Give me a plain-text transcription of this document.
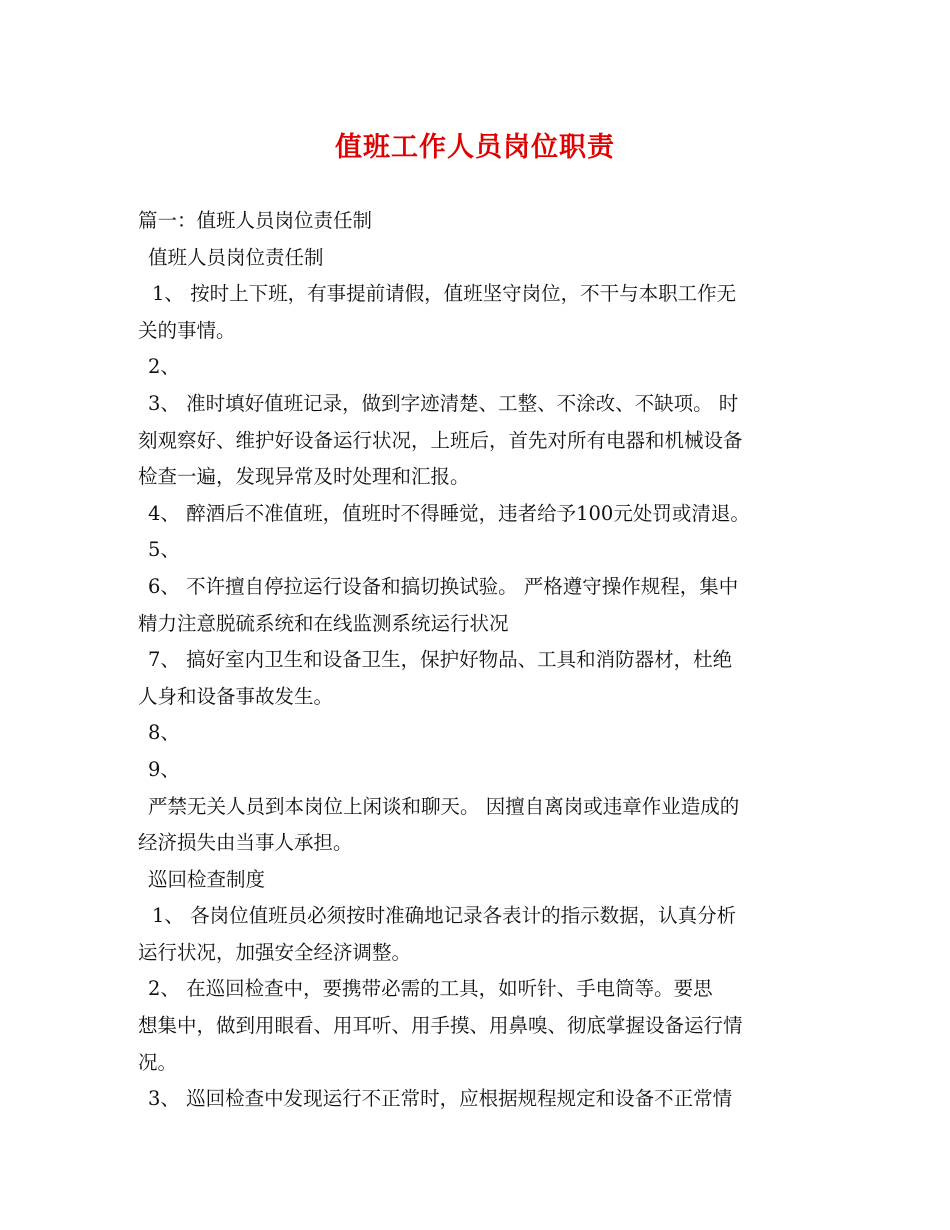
值班工作人员岗位职责
篇一：值班人员岗位责任制
值班人员岗位责任制
1、 按时上下班，有事提前请假，值班坚守岗位，不干与本职工作无
关的事情。
2、
3、 准时填好值班记录，做到字迹清楚、工整、不涂改、不缺项。 时
刻观察好、维护好设备运行状况，上班后，首先对所有电器和机械设备
检查一遍，发现异常及时处理和汇报。
4、 醉酒后不准值班，值班时不得睡觉，违者给予100元处罚或清退。
5、
6、 不许擅自停拉运行设备和搞切换试验。 严格遵守操作规程，集中
精力注意脱硫系统和在线监测系统运行状况
7、 搞好室内卫生和设备卫生，保护好物品、工具和消防器材，杜绝
人身和设备事故发生。
8、
9、
严禁无关人员到本岗位上闲谈和聊天。 因擅自离岗或违章作业造成的
经济损失由当事人承担。
巡回检查制度
1、 各岗位值班员必须按时准确地记录各表计的指示数据，认真分析
运行状况，加强安全经济调整。
2、 在巡回检查中，要携带必需的工具，如听针、手电筒等。要思
想集中，做到用眼看、用耳听、用手摸、用鼻嗅、彻底掌握设备运行情
况。
3、 巡回检查中发现运行不正常时，应根据规程规定和设备不正常情
